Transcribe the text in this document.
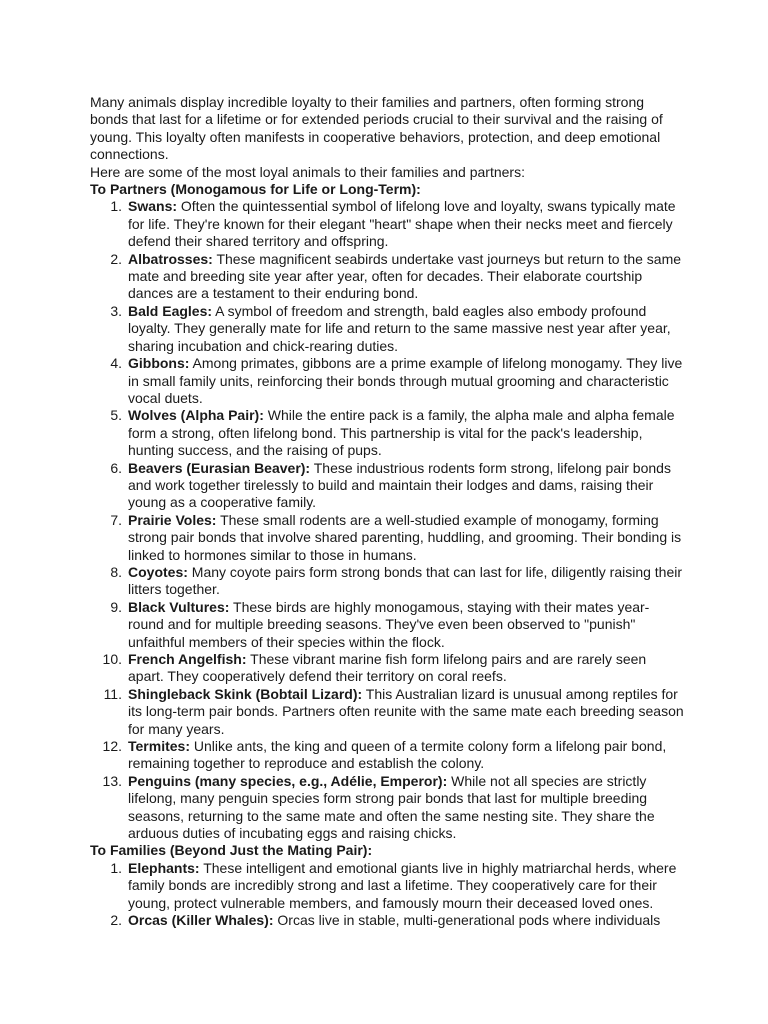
Many animals display incredible loyalty to their families and partners, often forming strong bonds that last for a lifetime or for extended periods crucial to their survival and the raising of young. This loyalty often manifests in cooperative behaviors, protection, and deep emotional connections.

Here are some of the most loyal animals to their families and partners:

To Partners (Monogamous for Life or Long-Term):

1. Swans: Often the quintessential symbol of lifelong love and loyalty, swans typically mate for life. They're known for their elegant "heart" shape when their necks meet and fiercely defend their shared territory and offspring.
2. Albatrosses: These magnificent seabirds undertake vast journeys but return to the same mate and breeding site year after year, often for decades. Their elaborate courtship dances are a testament to their enduring bond.
3. Bald Eagles: A symbol of freedom and strength, bald eagles also embody profound loyalty. They generally mate for life and return to the same massive nest year after year, sharing incubation and chick-rearing duties.
4. Gibbons: Among primates, gibbons are a prime example of lifelong monogamy. They live in small family units, reinforcing their bonds through mutual grooming and characteristic vocal duets.
5. Wolves (Alpha Pair): While the entire pack is a family, the alpha male and alpha female form a strong, often lifelong bond. This partnership is vital for the pack's leadership, hunting success, and the raising of pups.
6. Beavers (Eurasian Beaver): These industrious rodents form strong, lifelong pair bonds and work together tirelessly to build and maintain their lodges and dams, raising their young as a cooperative family.
7. Prairie Voles: These small rodents are a well-studied example of monogamy, forming strong pair bonds that involve shared parenting, huddling, and grooming. Their bonding is linked to hormones similar to those in humans.
8. Coyotes: Many coyote pairs form strong bonds that can last for life, diligently raising their litters together.
9. Black Vultures: These birds are highly monogamous, staying with their mates year-round and for multiple breeding seasons. They've even been observed to "punish" unfaithful members of their species within the flock.
10. French Angelfish: These vibrant marine fish form lifelong pairs and are rarely seen apart. They cooperatively defend their territory on coral reefs.
11. Shingleback Skink (Bobtail Lizard): This Australian lizard is unusual among reptiles for its long-term pair bonds. Partners often reunite with the same mate each breeding season for many years.
12. Termites: Unlike ants, the king and queen of a termite colony form a lifelong pair bond, remaining together to reproduce and establish the colony.
13. Penguins (many species, e.g., Adélie, Emperor): While not all species are strictly lifelong, many penguin species form strong pair bonds that last for multiple breeding seasons, returning to the same mate and often the same nesting site. They share the arduous duties of incubating eggs and raising chicks.

To Families (Beyond Just the Mating Pair):

1. Elephants: These intelligent and emotional giants live in highly matriarchal herds, where family bonds are incredibly strong and last a lifetime. They cooperatively care for their young, protect vulnerable members, and famously mourn their deceased loved ones.
2. Orcas (Killer Whales): Orcas live in stable, multi-generational pods where individuals
